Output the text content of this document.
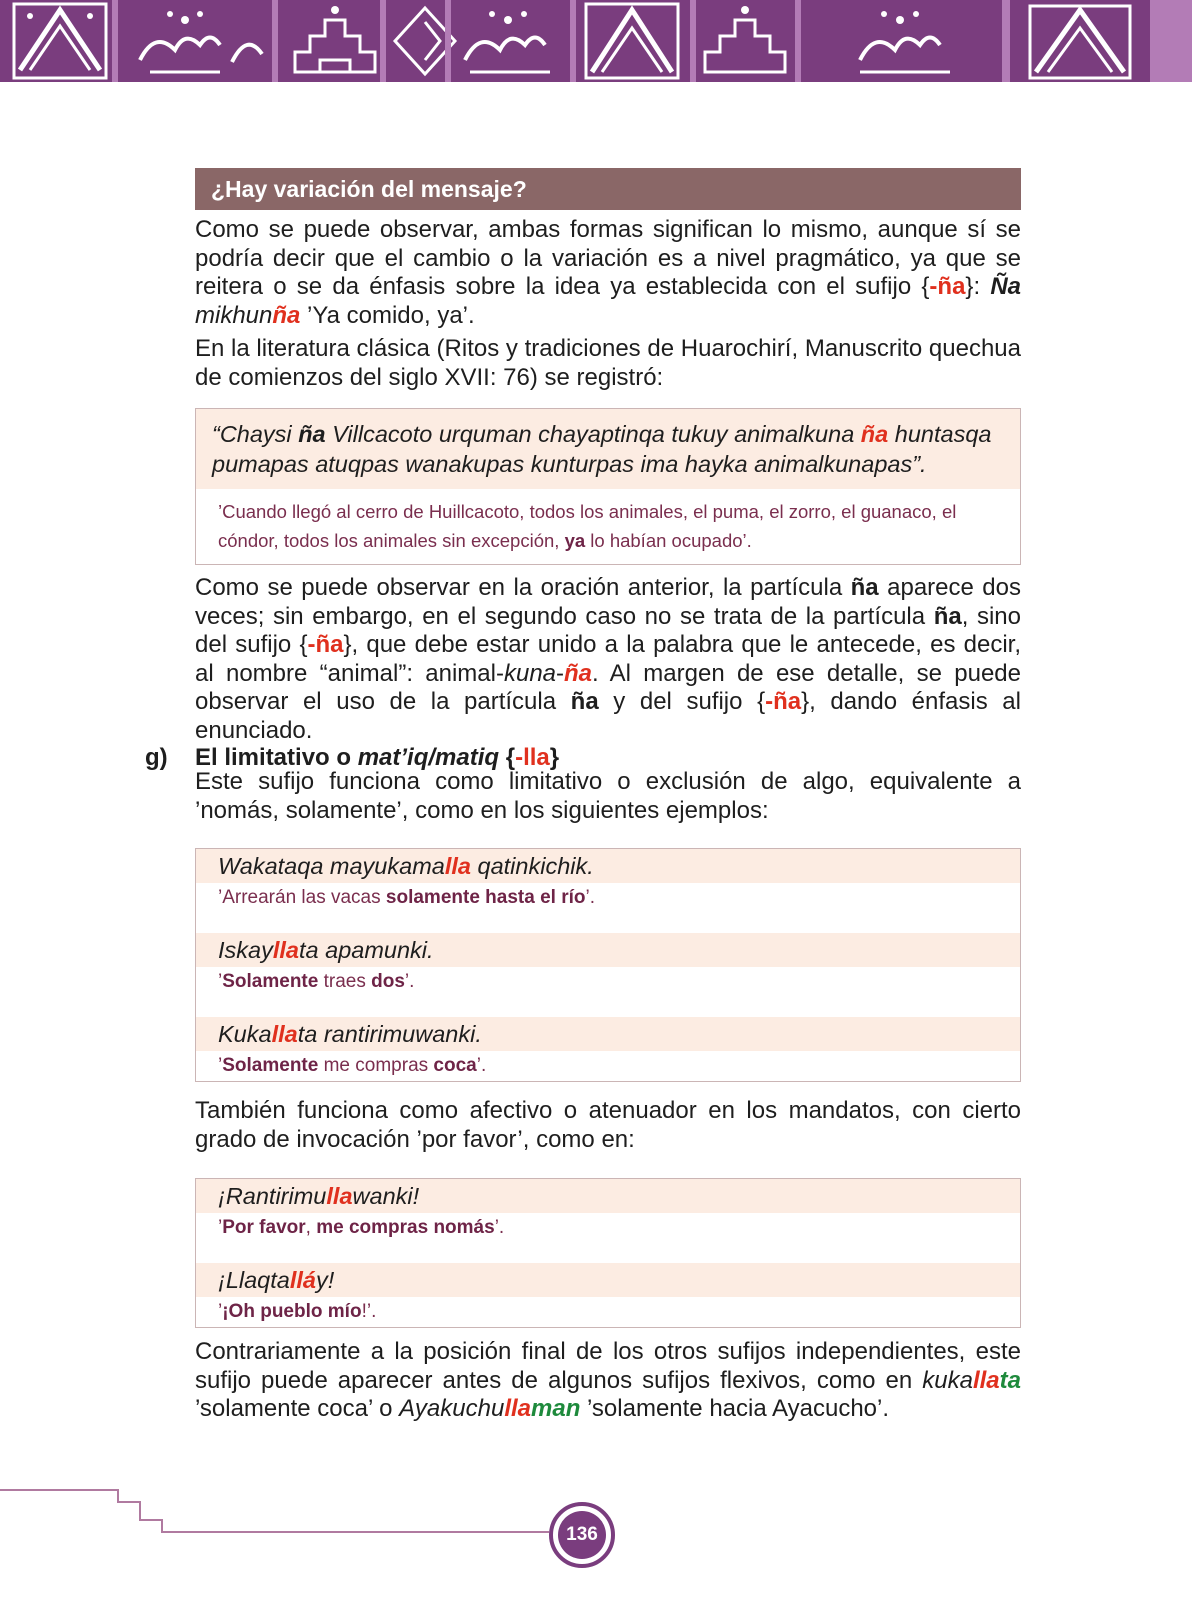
¿Hay variación del mensaje?

Como se puede observar, ambas formas significan lo mismo, aunque sí se podría decir que el cambio o la variación es a nivel pragmático, ya que se reitera o se da énfasis sobre la idea ya establecida con el sufijo {-ña}: Ña mikhunña ’Ya comido, ya’.

En la literatura clásica (Ritos y tradiciones de Huarochirí, Manuscrito quechua de comienzos del siglo XVII: 76) se registró:

“Chaysi ña Villcacoto urquman chayaptinqa tukuy animalkuna ña huntasqa pumapas atuqpas wanakupas kunturpas ima hayka animalkunapas”.
’Cuando llegó al cerro de Huillcacoto, todos los animales, el puma, el zorro, el guanaco, el cóndor, todos los animales sin excepción, ya lo habían ocupado’.

Como se puede observar en la oración anterior, la partícula ña aparece dos veces; sin embargo, en el segundo caso no se trata de la partícula ña, sino del sufijo {-ña}, que debe estar unido a la palabra que le antecede, es decir, al nombre “animal”: animal-kuna-ña. Al margen de ese detalle, se puede observar el uso de la partícula ña y del sufijo {-ña}, dando énfasis al enunciado.

g) El limitativo o mat’iq/matiq {-lla}

Este sufijo funciona como limitativo o exclusión de algo, equivalente a ’nomás, solamente’, como en los siguientes ejemplos:

Wakataqa mayukamalla qatinkichik.
’Arrearán las vacas solamente hasta el río’.
Iskayllata apamunki.
’Solamente traes dos’.
Kukallata rantirimuwanki.
’Solamente me compras coca’.

También funciona como afectivo o atenuador en los mandatos, con cierto grado de invocación ’por favor’, como en:

¡Rantirimullawanki!
’Por favor, me compras nomás’.
¡Llaqtalláy!
’¡Oh pueblo mío!’.

Contrariamente a la posición final de los otros sufijos independientes, este sufijo puede aparecer antes de algunos sufijos flexivos, como en kukallata ’solamente coca’ o Ayakuchullaman ’solamente hacia Ayacucho’.

136
